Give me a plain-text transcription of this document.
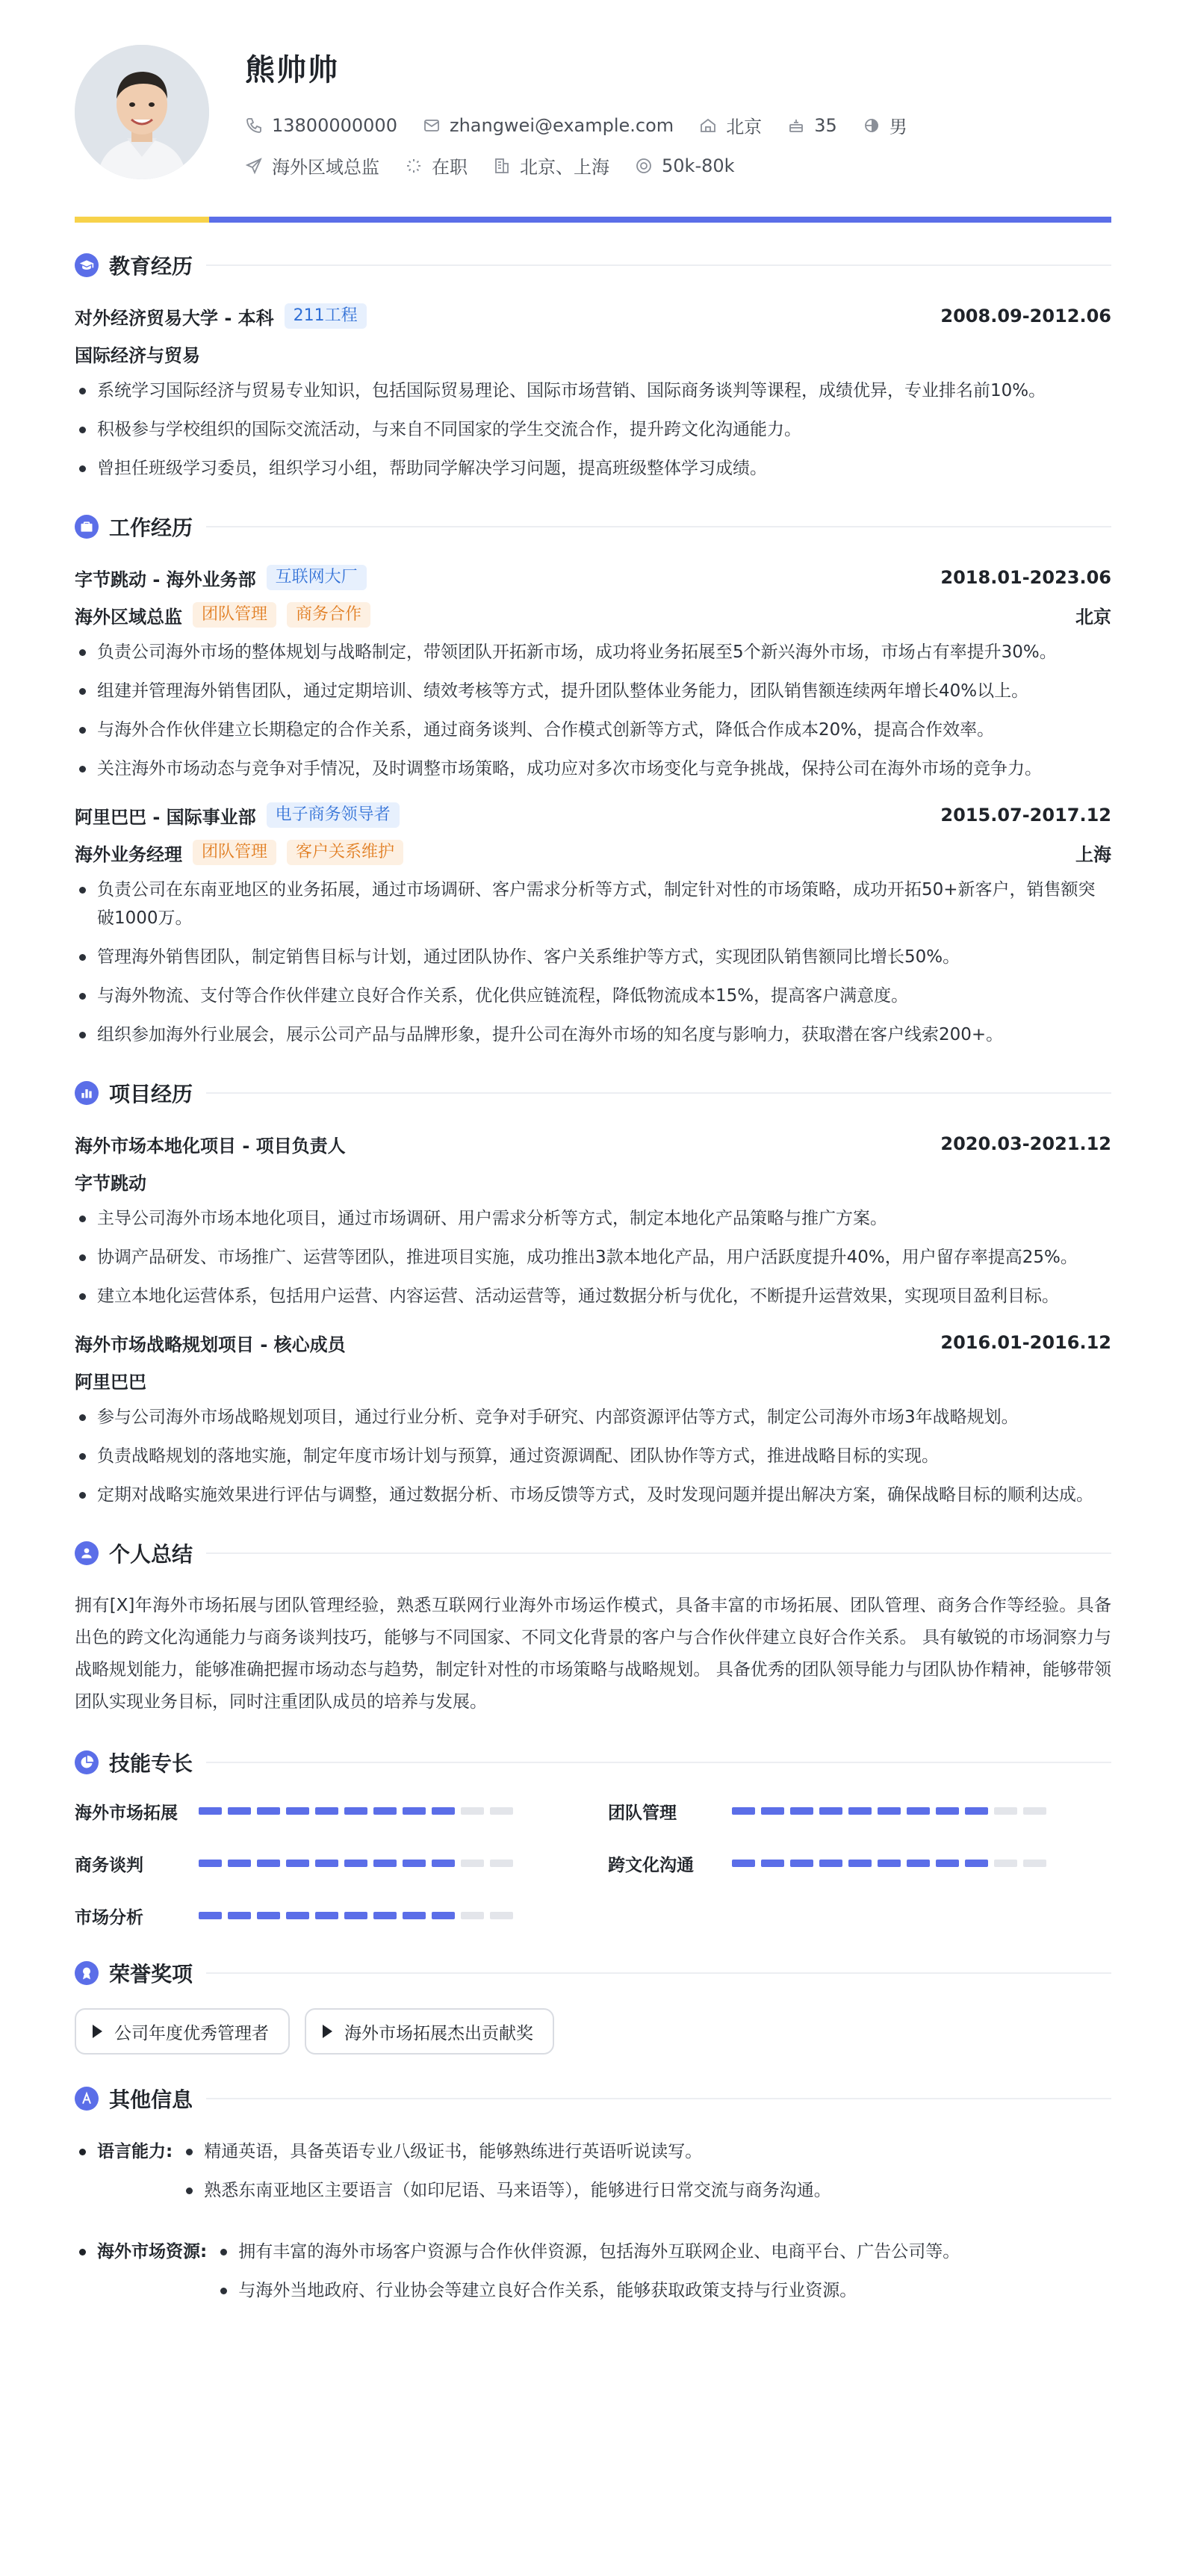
熊帅帅
13800000000	zhangwei@example.com	北京	35	男
海外区域总监	在职	北京、上海	50k-80k
教育经历
对外经济贸易大学 - 本科	211工程	2008.09-2012.06
国际经济与贸易
系统学习国际经济与贸易专业知识，包括国际贸易理论、国际市场营销、国际商务谈判等课程，成绩优异，专业排名前10%。
积极参与学校组织的国际交流活动，与来自不同国家的学生交流合作，提升跨文化沟通能力。
曾担任班级学习委员，组织学习小组，帮助同学解决学习问题，提高班级整体学习成绩。
工作经历
字节跳动 - 海外业务部	互联网大厂	2018.01-2023.06
海外区域总监	团队管理	商务合作	北京
负责公司海外市场的整体规划与战略制定，带领团队开拓新市场，成功将业务拓展至5个新兴海外市场，市场占有率提升30%。
组建并管理海外销售团队，通过定期培训、绩效考核等方式，提升团队整体业务能力，团队销售额连续两年增长40%以上。
与海外合作伙伴建立长期稳定的合作关系，通过商务谈判、合作模式创新等方式，降低合作成本20%，提高合作效率。
关注海外市场动态与竞争对手情况，及时调整市场策略，成功应对多次市场变化与竞争挑战，保持公司在海外市场的竞争力。
阿里巴巴 - 国际事业部	电子商务领导者	2015.07-2017.12
海外业务经理	团队管理	客户关系维护	上海
负责公司在东南亚地区的业务拓展，通过市场调研、客户需求分析等方式，制定针对性的市场策略，成功开拓50+新客户，销售额突破1000万。
管理海外销售团队，制定销售目标与计划，通过团队协作、客户关系维护等方式，实现团队销售额同比增长50%。
与海外物流、支付等合作伙伴建立良好合作关系，优化供应链流程，降低物流成本15%，提高客户满意度。
组织参加海外行业展会，展示公司产品与品牌形象，提升公司在海外市场的知名度与影响力，获取潜在客户线索200+。
项目经历
海外市场本地化项目 - 项目负责人	2020.03-2021.12
字节跳动
主导公司海外市场本地化项目，通过市场调研、用户需求分析等方式，制定本地化产品策略与推广方案。
协调产品研发、市场推广、运营等团队，推进项目实施，成功推出3款本地化产品，用户活跃度提升40%，用户留存率提高25%。
建立本地化运营体系，包括用户运营、内容运营、活动运营等，通过数据分析与优化，不断提升运营效果，实现项目盈利目标。
海外市场战略规划项目 - 核心成员	2016.01-2016.12
阿里巴巴
参与公司海外市场战略规划项目，通过行业分析、竞争对手研究、内部资源评估等方式，制定公司海外市场3年战略规划。
负责战略规划的落地实施，制定年度市场计划与预算，通过资源调配、团队协作等方式，推进战略目标的实现。
定期对战略实施效果进行评估与调整，通过数据分析、市场反馈等方式，及时发现问题并提出解决方案，确保战略目标的顺利达成。
个人总结

拥有[X]年海外市场拓展与团队管理经验，熟悉互联网行业海外市场运作模式，具备丰富的市场拓展、团队管理、商务合作等经验。具备出色的跨文化沟通能力与商务谈判技巧，能够与不同国家、不同文化背景的客户与合作伙伴建立良好合作关系。 具有敏锐的市场洞察力与战略规划能力，能够准确把握市场动态与趋势，制定针对性的市场策略与战略规划。 具备优秀的团队领导能力与团队协作精神，能够带领团队实现业务目标，同时注重团队成员的培养与发展。

技能专长
海外市场拓展	团队管理
商务谈判	跨文化沟通
市场分析
荣誉奖项
公司年度优秀管理者	海外市场拓展杰出贡献奖
其他信息
语言能力:	精通英语，具备英语专业八级证书，能够熟练进行英语听说读写。
熟悉东南亚地区主要语言（如印尼语、马来语等），能够进行日常交流与商务沟通。
海外市场资源:	拥有丰富的海外市场客户资源与合作伙伴资源，包括海外互联网企业、电商平台、广告公司等。
与海外当地政府、行业协会等建立良好合作关系，能够获取政策支持与行业资源。
